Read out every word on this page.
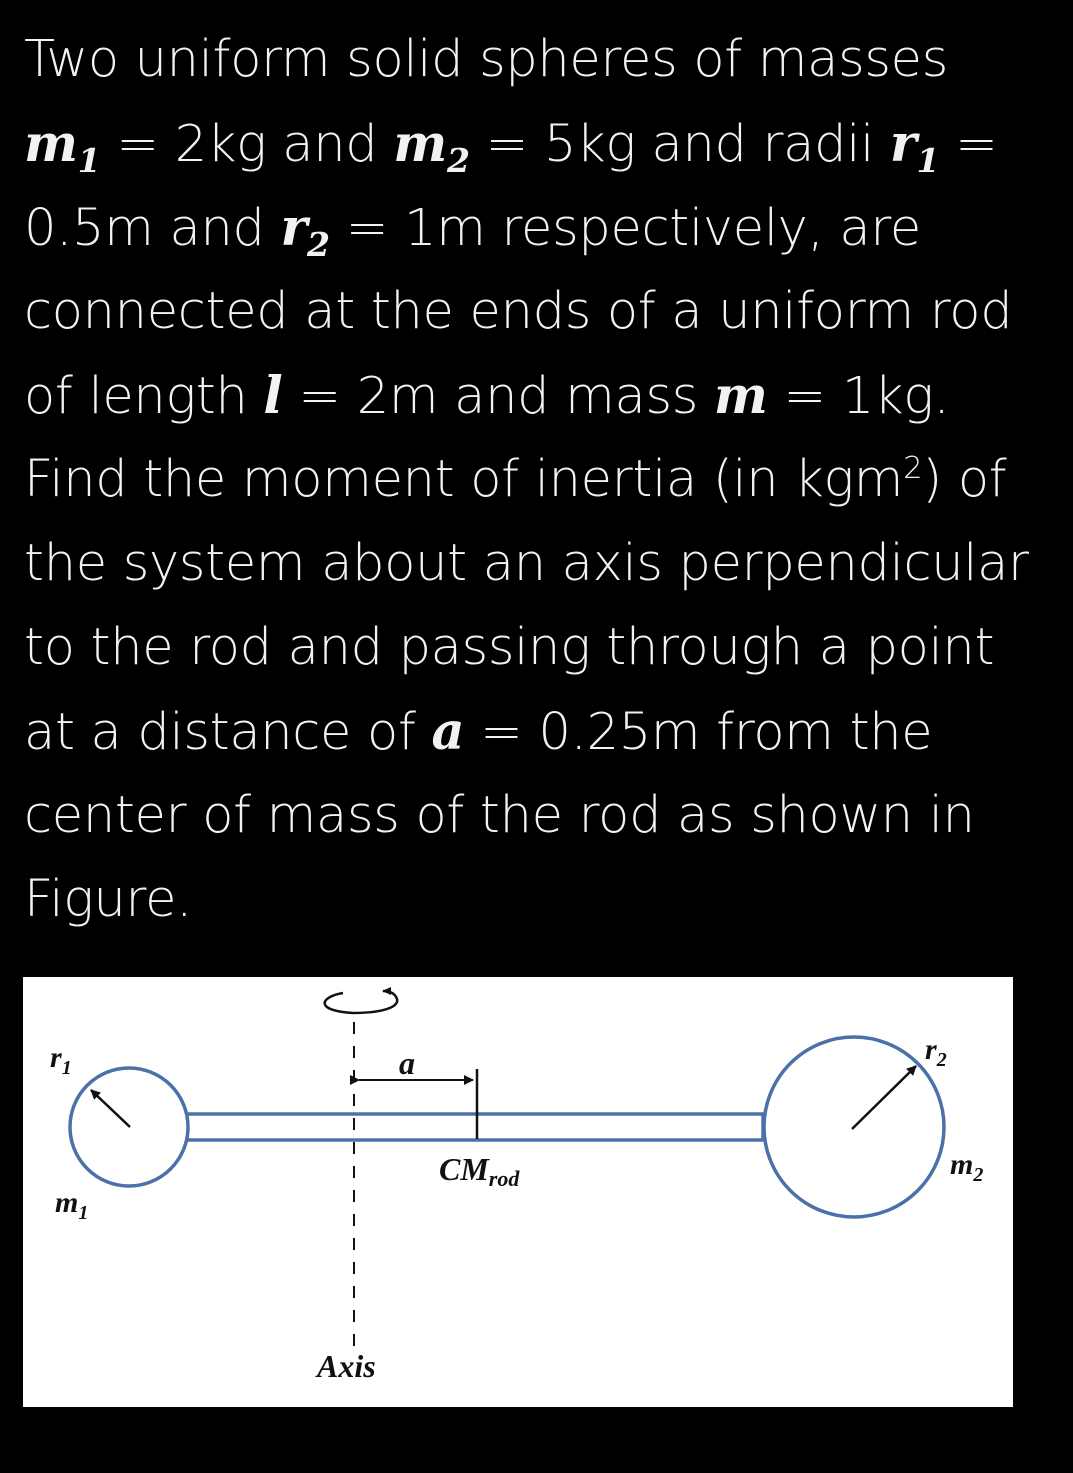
Two uniform solid spheres of masses
$m_1 = 2kg$ and $m_2 = 5kg$ and radii $r_1$ =
0.5m and $r_2 = 1m$ respectively, are
connected at the ends of a uniform rod
of length l = 2m and mass m = 1kg.
Find the moment of inertia (in kgm$^2$) of
the system about an axis perpendicular
to the rod and passing through a point
at a distance of a = 0.25m from the
center of mass of the rod as shown in
Figure.
$r_1$
$m_1$
$r_2$
$m_2$
a
CMrod
Axis
